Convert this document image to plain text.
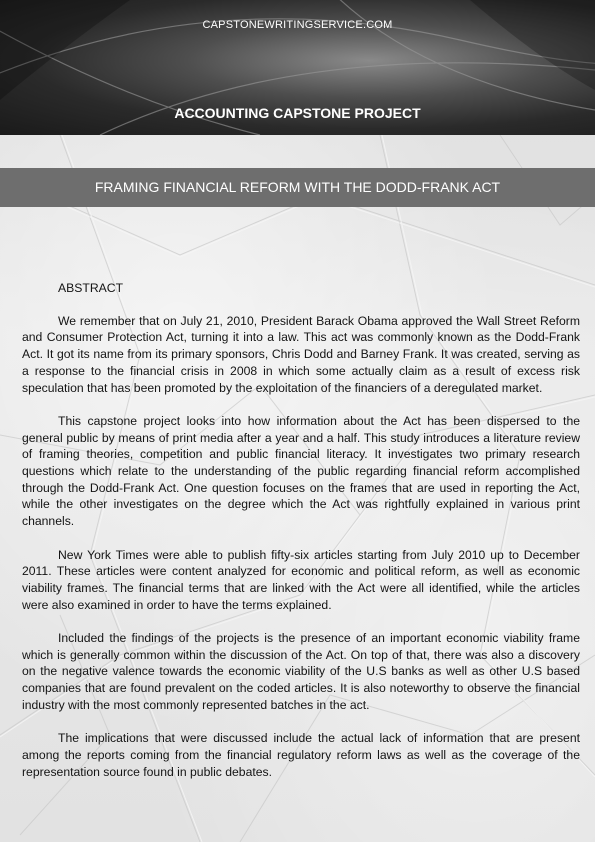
CAPSTONEWRITINGSERVICE.COM
ACCOUNTING CAPSTONE PROJECT
FRAMING FINANCIAL REFORM WITH THE DODD-FRANK ACT
ABSTRACT

We remember that on July 21, 2010, President Barack Obama approved the Wall Street Reform and Consumer Protection Act, turning it into a law. This act was commonly known as the Dodd-Frank Act. It got its name from its primary sponsors, Chris Dodd and Barney Frank. It was created, serving as a response to the financial crisis in 2008 in which some actually claim as a result of excess risk speculation that has been promoted by the exploitation of the financiers of a deregulated market.

This capstone project looks into how information about the Act has been dispersed to the general public by means of print media after a year and a half. This study introduces a literature review of framing theories, competition and public financial literacy. It investigates two primary research questions which relate to the understanding of the public regarding financial reform accomplished through the Dodd-Frank Act. One question focuses on the frames that are used in reporting the Act, while the other investigates on the degree which the Act was rightfully explained in various print channels.

New York Times were able to publish fifty-six articles starting from July 2010 up to December 2011. These articles were content analyzed for economic and political reform, as well as economic viability frames. The financial terms that are linked with the Act were all identified, while the articles were also examined in order to have the terms explained.

Included the findings of the projects is the presence of an important economic viability frame which is generally common within the discussion of the Act. On top of that, there was also a discovery on the negative valence towards the economic viability of the U.S banks as well as other U.S based companies that are found prevalent on the coded articles. It is also noteworthy to observe the financial industry with the most commonly represented batches in the act.

The implications that were discussed include the actual lack of information that are present among the reports coming from the financial regulatory reform laws as well as the coverage of the representation source found in public debates.
